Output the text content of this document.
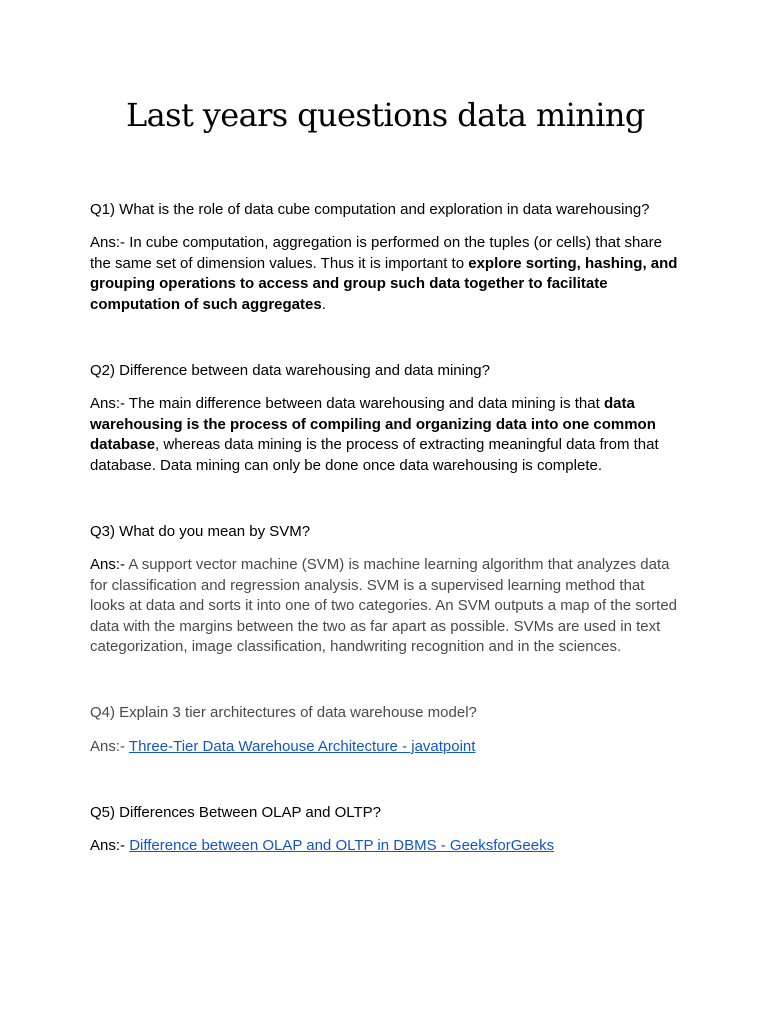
Last years questions data mining

Q1) What is the role of data cube computation and exploration in data warehousing?

Ans:- In cube computation, aggregation is performed on the tuples (or cells) that share the same set of dimension values. Thus it is important to explore sorting, hashing, and grouping operations to access and group such data together to facilitate computation of such aggregates.

Q2) Difference between data warehousing and data mining?

Ans:- The main difference between data warehousing and data mining is that data warehousing is the process of compiling and organizing data into one common database, whereas data mining is the process of extracting meaningful data from that database. Data mining can only be done once data warehousing is complete.

Q3) What do you mean by SVM?

Ans:- A support vector machine (SVM) is machine learning algorithm that analyzes data for classification and regression analysis. SVM is a supervised learning method that looks at data and sorts it into one of two categories. An SVM outputs a map of the sorted data with the margins between the two as far apart as possible. SVMs are used in text categorization, image classification, handwriting recognition and in the sciences.

Q4) Explain 3 tier architectures of data warehouse model?

Ans:- Three-Tier Data Warehouse Architecture - javatpoint

Q5) Differences Between OLAP and OLTP?

Ans:- Difference between OLAP and OLTP in DBMS - GeeksforGeeks
